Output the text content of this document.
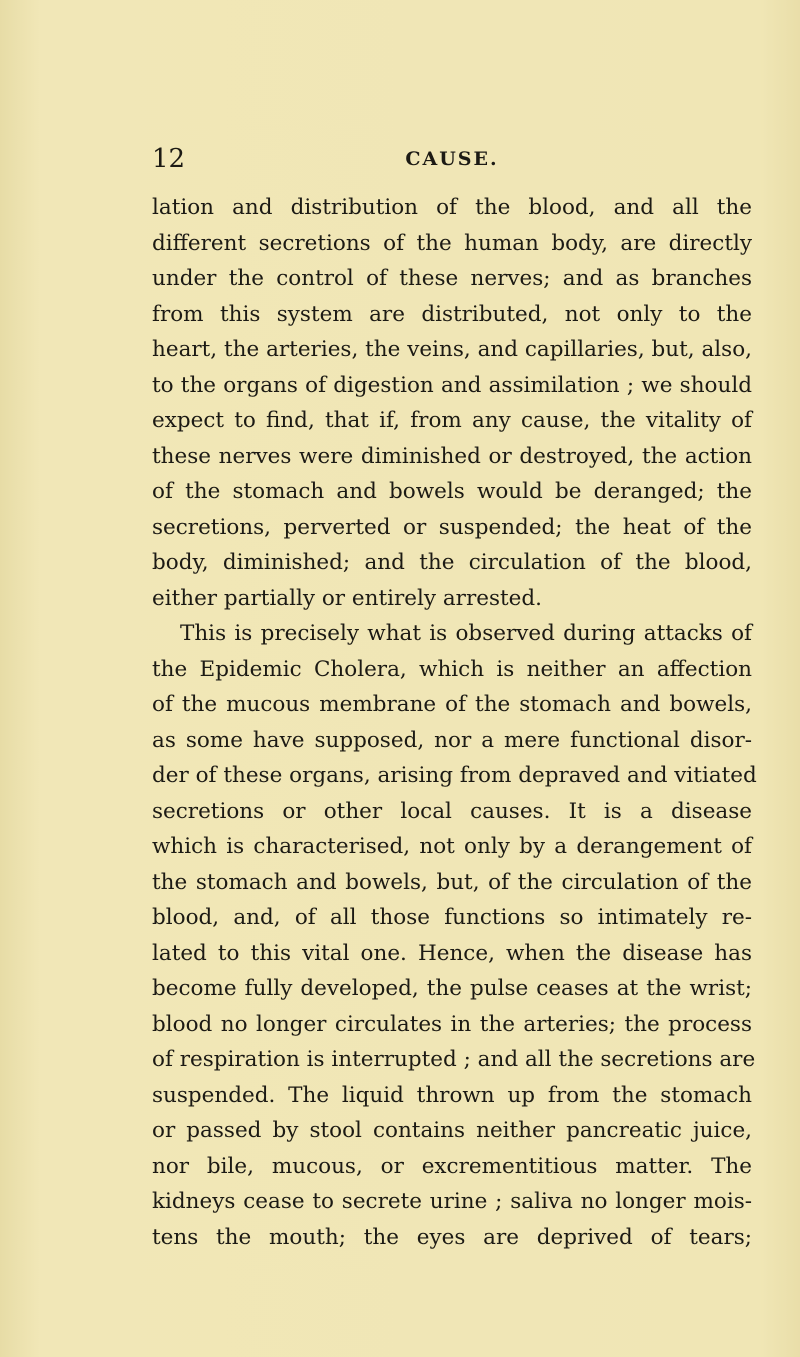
12	CAUSE.
lation and distribution of the blood, and all the
different secretions of the human body, are directly
under the control of these nerves; and as branches
from this system are distributed, not only to the
heart, the arteries, the veins, and capillaries, but, also,
to the organs of digestion and assimilation ; we should
expect to find, that if, from any cause, the vitality of
these nerves were diminished or destroyed, the action
of the stomach and bowels would be deranged; the
secretions, perverted or suspended; the heat of the
body, diminished; and the circulation of the blood,
either partially or entirely arrested.
This is precisely what is observed during attacks of
the Epidemic Cholera, which is neither an affection
of the mucous membrane of the stomach and bowels,
as some have supposed, nor a mere functional disor-
der of these organs, arising from depraved and vitiated
secretions or other local causes. It is a disease
which is characterised, not only by a derangement of
the stomach and bowels, but, of the circulation of the
blood, and, of all those functions so intimately re-
lated to this vital one. Hence, when the disease has
become fully developed, the pulse ceases at the wrist;
blood no longer circulates in the arteries; the process
of respiration is interrupted ; and all the secretions are
suspended. The liquid thrown up from the stomach
or passed by stool contains neither pancreatic juice,
nor bile, mucous, or excrementitious matter. The
kidneys cease to secrete urine ; saliva no longer mois-
tens the mouth; the eyes are deprived of tears;
